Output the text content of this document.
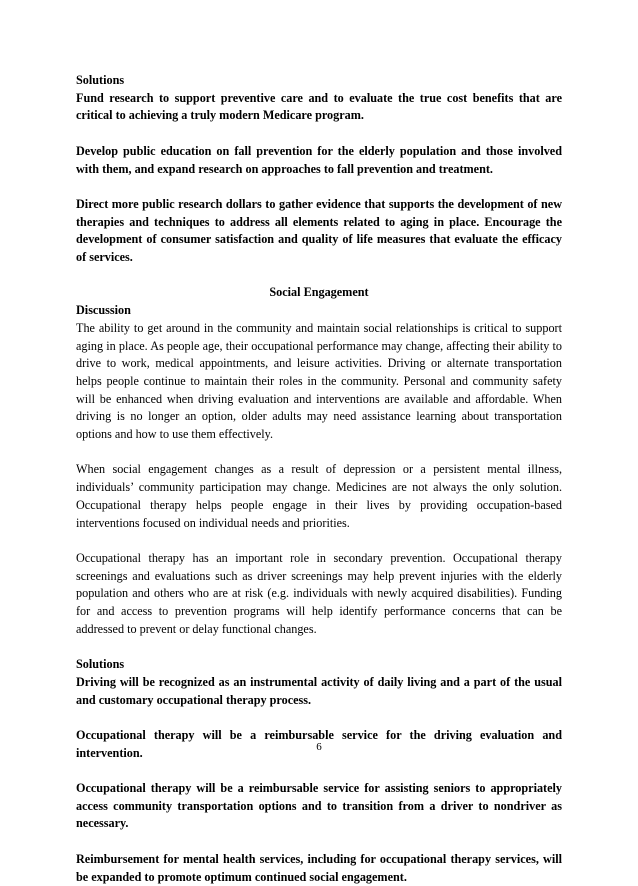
Solutions

Fund research to support preventive care and to evaluate the true cost benefits that are critical to achieving a truly modern Medicare program.

Develop public education on fall prevention for the elderly population and those involved with them, and expand research on approaches to fall prevention and treatment.

Direct more public research dollars to gather evidence that supports the development of new therapies and techniques to address all elements related to aging in place. Encourage the development of consumer satisfaction and quality of life measures that evaluate the efficacy of services.

Social Engagement
Discussion

The ability to get around in the community and maintain social relationships is critical to support aging in place. As people age, their occupational performance may change, affecting their ability to drive to work, medical appointments, and leisure activities. Driving or alternate transportation helps people continue to maintain their roles in the community. Personal and community safety will be enhanced when driving evaluation and interventions are available and affordable. When driving is no longer an option, older adults may need assistance learning about transportation options and how to use them effectively.

When social engagement changes as a result of depression or a persistent mental illness, individuals’ community participation may change. Medicines are not always the only solution. Occupational therapy helps people engage in their lives by providing occupation-based interventions focused on individual needs and priorities.

Occupational therapy has an important role in secondary prevention. Occupational therapy screenings and evaluations such as driver screenings may help prevent injuries with the elderly population and others who are at risk (e.g. individuals with newly acquired disabilities). Funding for and access to prevention programs will help identify performance concerns that can be addressed to prevent or delay functional changes.

Solutions

Driving will be recognized as an instrumental activity of daily living and a part of the usual and customary occupational therapy process.

Occupational therapy will be a reimbursable service for the driving evaluation and intervention.

Occupational therapy will be a reimbursable service for assisting seniors to appropriately access community transportation options and to transition from a driver to nondriver as necessary.

Reimbursement for mental health services, including for occupational therapy services, will be expanded to promote optimum continued social engagement.

6
